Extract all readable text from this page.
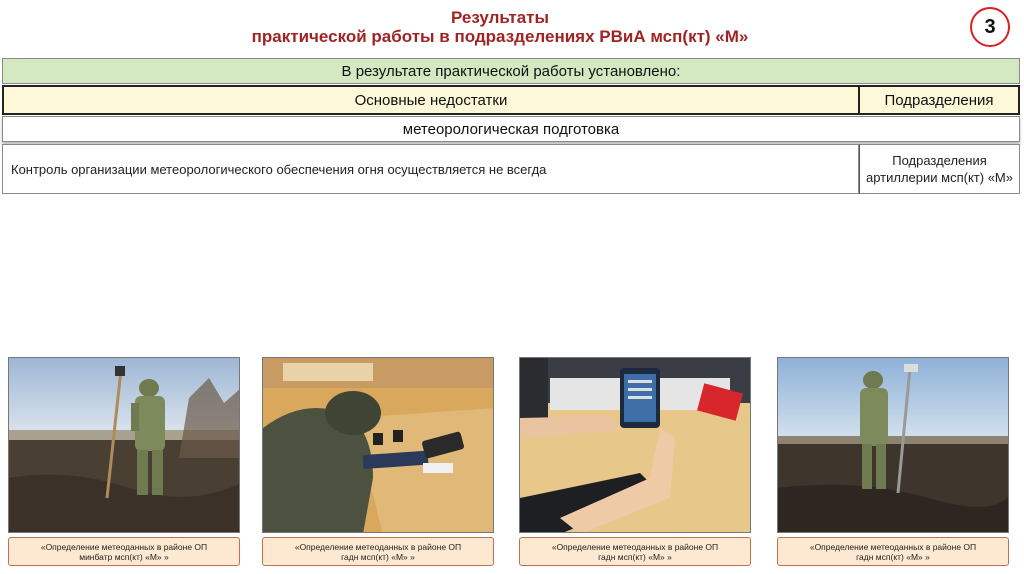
Результаты
практической работы в подразделениях РВиА мсп(кт) «М»	3
В результате практической работы установлено:
Основные недостатки	Подразделения
метеорологическая подготовка
Контроль организации метеорологического обеспечения огня осуществляется не всегда
Подразделения
артиллерии мсп(кт) «М»
«Определение метеоданных в районе ОП
минбатр мсп(кт) «М» »
«Определение метеоданных в районе ОП
гадн мсп(кт) «М» »
«Определение метеоданных в районе ОП
гадн мсп(кт) «М» »
«Определение метеоданных в районе ОП
гадн мсп(кт) «М» »
